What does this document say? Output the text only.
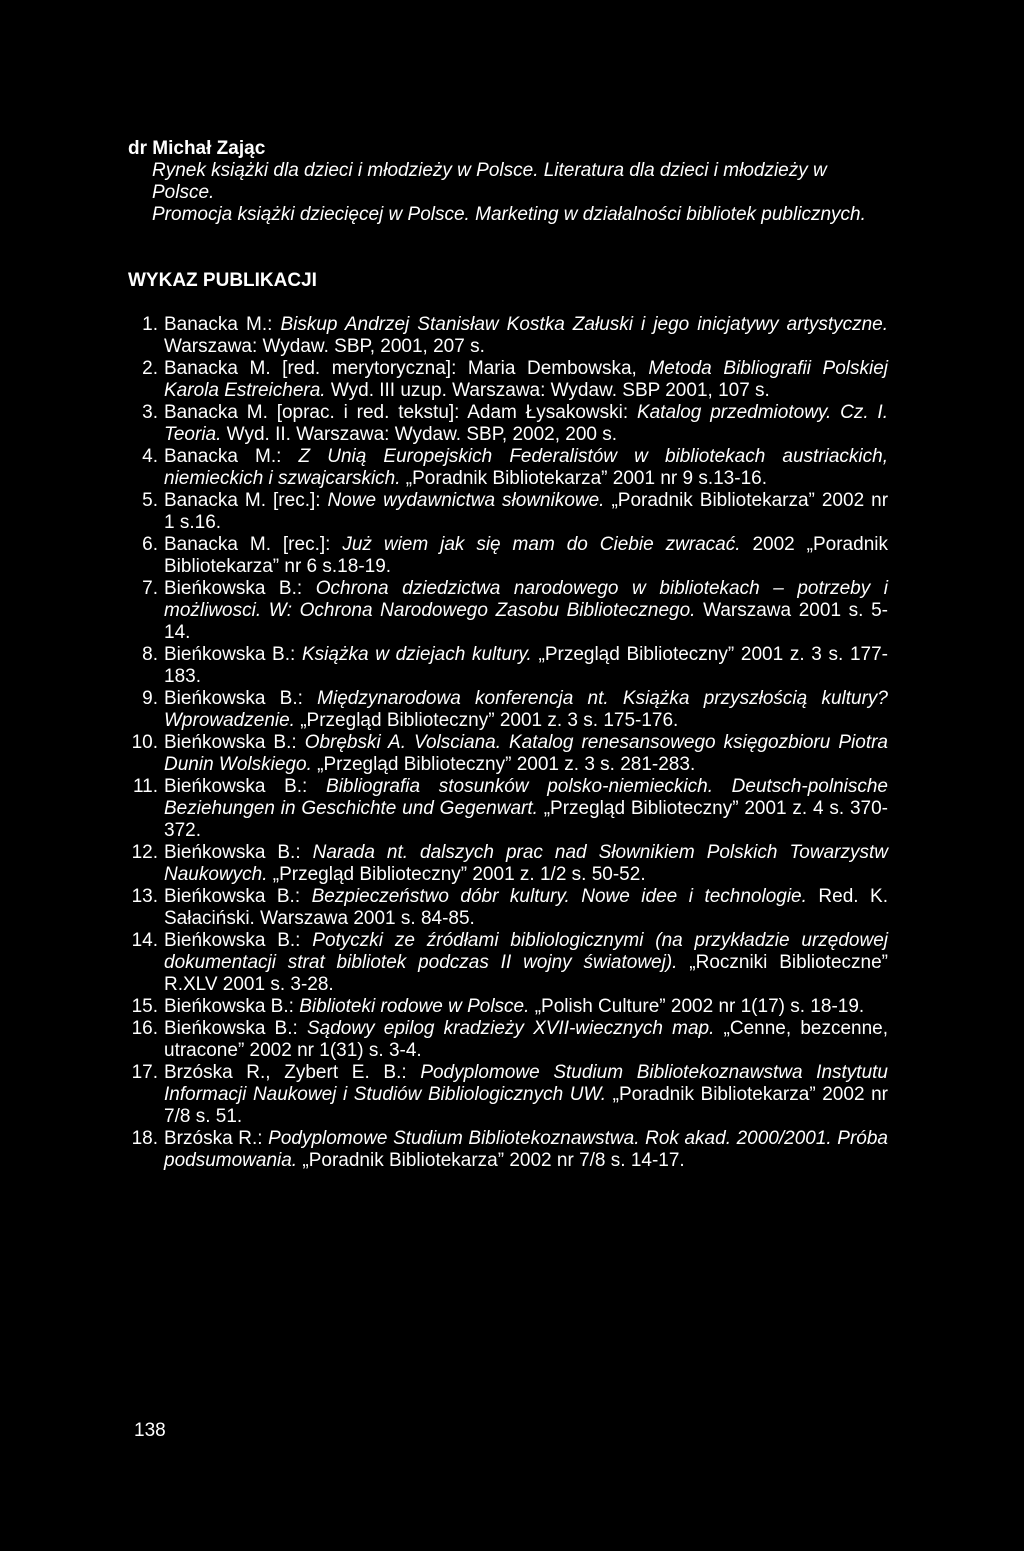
dr Michał Zając

Rynek książki dla dzieci i młodzieży w Polsce. Literatura dla dzieci i młodzieży w Polsce.

Promocja książki dziecięcej w Polsce. Marketing w działalności bibliotek publicznych.

WYKAZ PUBLIKACJI

1. Banacka M.: Biskup Andrzej Stanisław Kostka Załuski i jego inicjatywy artystyczne. Warszawa: Wydaw. SBP, 2001, 207 s.
2. Banacka M. [red. merytoryczna]: Maria Dembowska, Metoda Bibliografii Polskiej Karola Estreichera. Wyd. III uzup. Warszawa: Wydaw. SBP 2001, 107 s.
3. Banacka M. [oprac. i red. tekstu]: Adam Łysakowski: Katalog przedmiotowy. Cz. I. Teoria. Wyd. II. Warszawa: Wydaw. SBP, 2002, 200 s.
4. Banacka M.: Z Unią Europejskich Federalistów w bibliotekach austriackich, niemieckich i szwajcarskich. „Poradnik Bibliotekarza” 2001 nr 9 s.13-16.
5. Banacka M. [rec.]: Nowe wydawnictwa słownikowe. „Poradnik Bibliotekarza” 2002 nr 1 s.16.
6. Banacka M. [rec.]: Już wiem jak się mam do Ciebie zwracać. 2002 „Poradnik Bibliotekarza” nr 6 s.18-19.
7. Bieńkowska B.: Ochrona dziedzictwa narodowego w bibliotekach – potrzeby i możliwosci. W: Ochrona Narodowego Zasobu Bibliotecznego. Warszawa 2001 s. 5-14.
8. Bieńkowska B.: Książka w dziejach kultury. „Przegląd Biblioteczny” 2001 z. 3 s. 177-183.
9. Bieńkowska B.: Międzynarodowa konferencja nt. Książka przyszłością kultury? Wprowadzenie. „Przegląd Biblioteczny” 2001 z. 3 s. 175-176.
10. Bieńkowska B.: Obrębski A. Volsciana. Katalog renesansowego księgozbioru Piotra Dunin Wolskiego. „Przegląd Biblioteczny” 2001 z. 3 s. 281-283.
11. Bieńkowska B.: Bibliografia stosunków polsko-niemieckich. Deutsch-polnische Beziehungen in Geschichte und Gegenwart. „Przegląd Biblioteczny” 2001 z. 4 s. 370-372.
12. Bieńkowska B.: Narada nt. dalszych prac nad Słownikiem Polskich Towarzystw Naukowych. „Przegląd Biblioteczny” 2001 z. 1/2 s. 50-52.
13. Bieńkowska B.: Bezpieczeństwo dóbr kultury. Nowe idee i technologie. Red. K. Sałaciński. Warszawa 2001 s. 84-85.
14. Bieńkowska B.: Potyczki ze źródłami bibliologicznymi (na przykładzie urzędowej dokumentacji strat bibliotek podczas II wojny światowej). „Roczniki Biblioteczne” R.XLV 2001 s. 3-28.
15. Bieńkowska B.: Biblioteki rodowe w Polsce. „Polish Culture” 2002 nr 1(17) s. 18-19.
16. Bieńkowska B.: Sądowy epilog kradzieży XVII-wiecznych map. „Cenne, bezcenne, utracone” 2002 nr 1(31) s. 3-4.
17. Brzóska R., Zybert E. B.: Podyplomowe Studium Bibliotekoznawstwa Instytutu Informacji Naukowej i Studiów Bibliologicznych UW. „Poradnik Bibliotekarza” 2002 nr 7/8 s. 51.
18. Brzóska R.: Podyplomowe Studium Bibliotekoznawstwa. Rok akad. 2000/2001. Próba podsumowania. „Poradnik Bibliotekarza” 2002 nr 7/8 s. 14-17.
138
